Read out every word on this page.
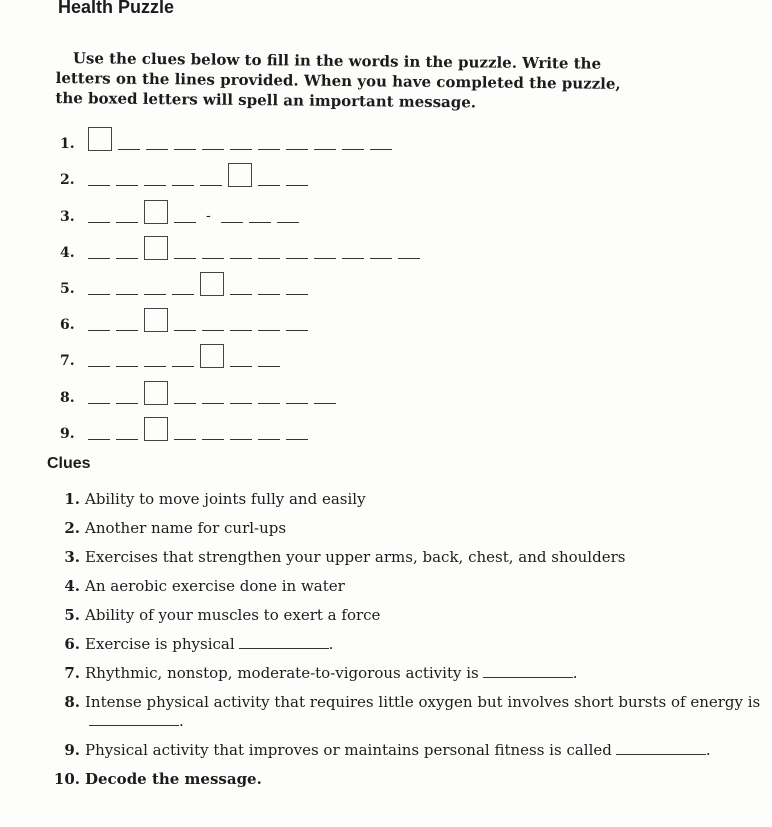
Health Puzzle
Use the clues below to fill in the words in the puzzle. Write the letters on the lines provided. When you have completed the puzzle, the boxed letters will spell an important message.
1.
2.
3.	-
4.
5.
6.
7.
8.
9.
Clues
1. Ability to move joints fully and easily
2. Another name for curl-ups
3. Exercises that strengthen your upper arms, back, chest, and shoulders
4. An aerobic exercise done in water
5. Ability of your muscles to exert a force
6. Exercise is physical	.
7. Rhythmic, nonstop, moderate-to-vigorous activity is	.
8. Intense physical activity that requires little oxygen but involves short bursts of energy is.
9. Physical activity that improves or maintains personal fitness is called	.
10. Decode the message.
